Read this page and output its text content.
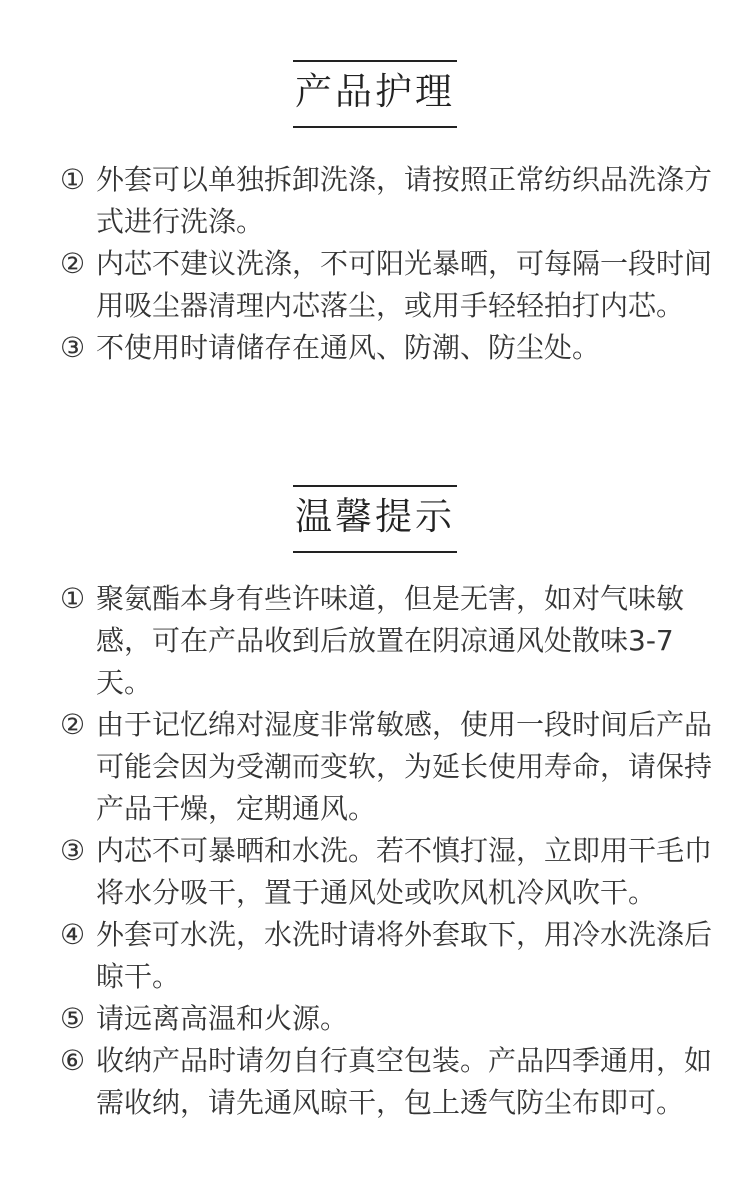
产品护理
① 外套可以单独拆卸洗涤，请按照正常纺织品洗涤方式进行洗涤。
② 内芯不建议洗涤，不可阳光暴晒，可每隔一段时间用吸尘器清理内芯落尘，或用手轻轻拍打内芯。
③ 不使用时请储存在通风、防潮、防尘处。
温馨提示
① 聚氨酯本身有些许味道，但是无害，如对气味敏感，可在产品收到后放置在阴凉通风处散味3-7天。
② 由于记忆绵对湿度非常敏感，使用一段时间后产品可能会因为受潮而变软，为延长使用寿命，请保持产品干燥，定期通风。
③ 内芯不可暴晒和水洗。若不慎打湿，立即用干毛巾将水分吸干，置于通风处或吹风机冷风吹干。
④ 外套可水洗，水洗时请将外套取下，用冷水洗涤后晾干。
⑤ 请远离高温和火源。
⑥ 收纳产品时请勿自行真空包装。产品四季通用，如需收纳，请先通风晾干，包上透气防尘布即可。
